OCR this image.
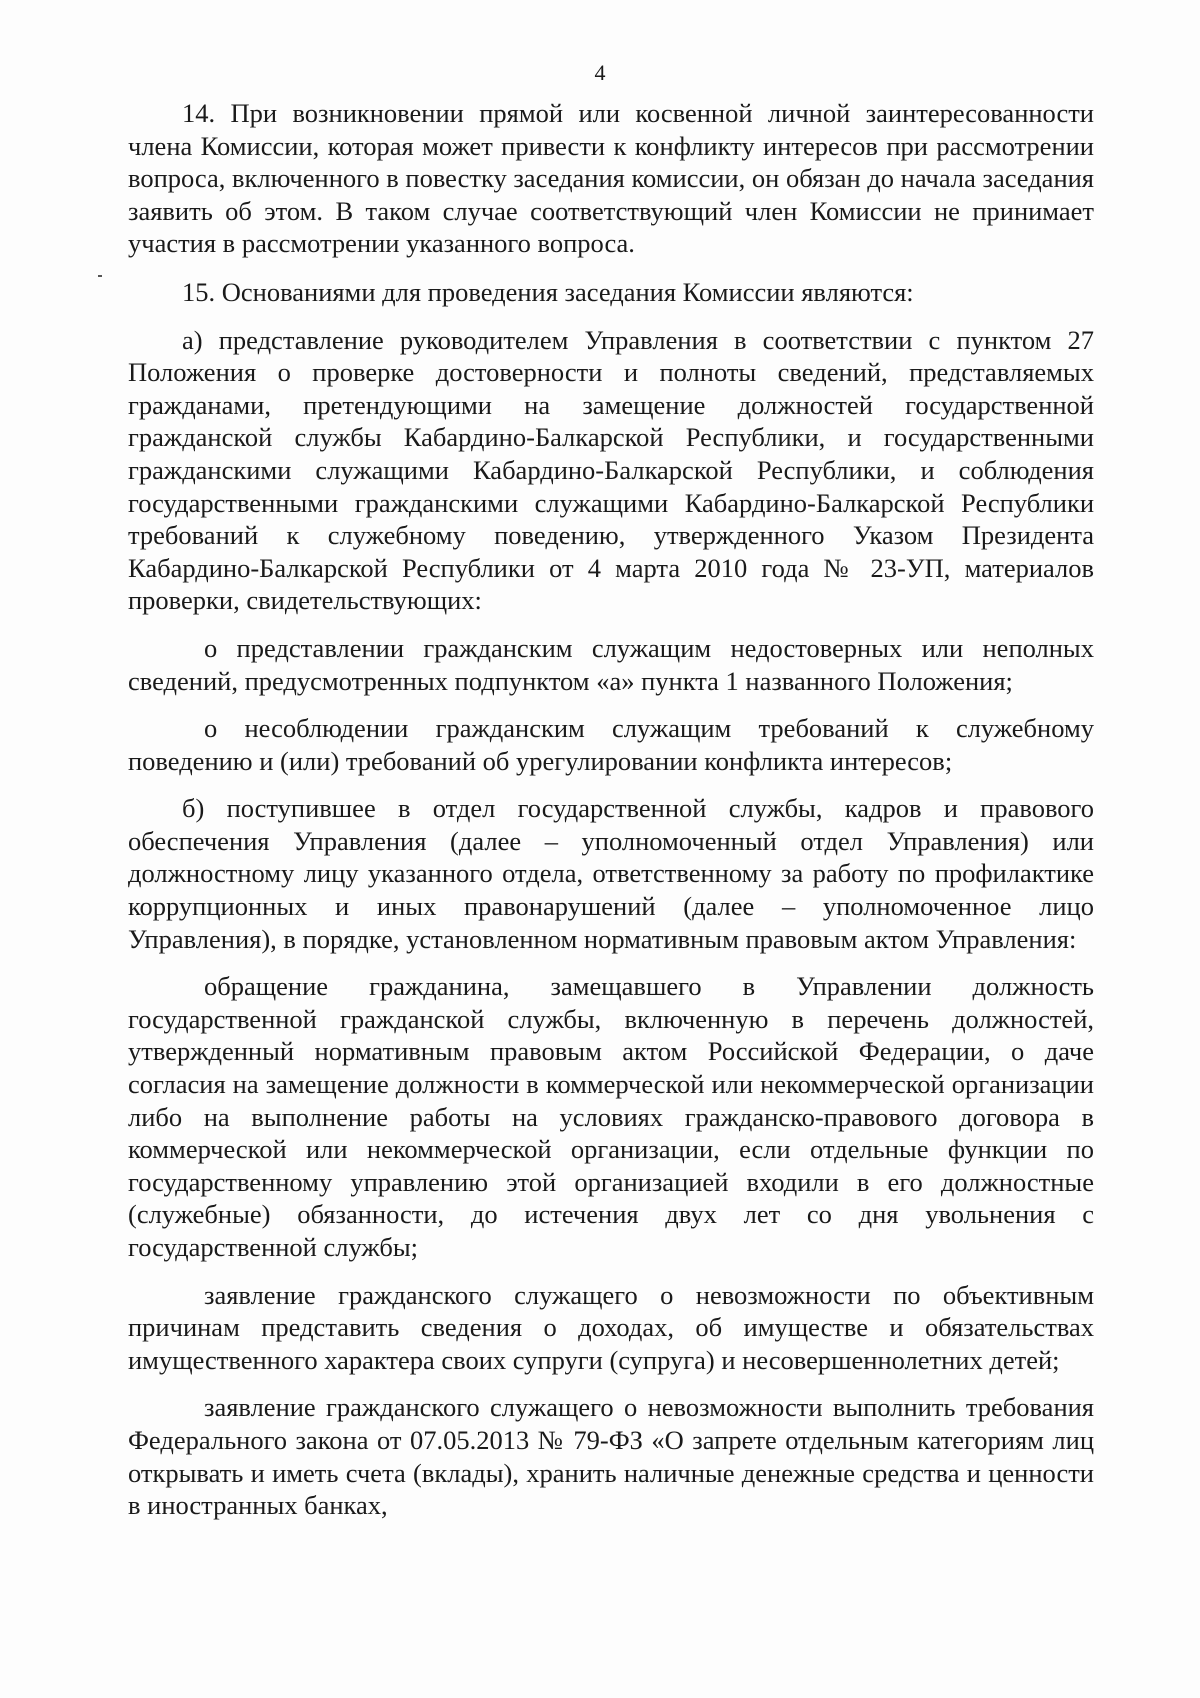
4

14. При возникновении прямой или косвенной личной заинтересованности члена Комиссии, которая может привести к конфликту интересов при рассмотрении вопроса, включенного в повестку заседания комиссии, он обязан до начала заседания заявить об этом. В таком случае соответствующий член Комиссии не принимает участия в рассмотрении указанного вопроса.

15. Основаниями для проведения заседания Комиссии являются:

а) представление руководителем Управления в соответствии с пунктом 27 Положения о проверке достоверности и полноты сведений, представляемых гражданами, претендующими на замещение должностей государственной гражданской службы Кабардино-Балкарской Республики, и государственными гражданскими служащими Кабардино-Балкарской Республики, и соблюдения государственными гражданскими служащими Кабардино-Балкарской Республики требований к служебному поведению, утвержденного Указом Президента Кабардино-Балкарской Республики от 4 марта 2010 года № 23-УП, материалов проверки, свидетельствующих:

о представлении гражданским служащим недостоверных или неполных сведений, предусмотренных подпунктом «а» пункта 1 названного Положения;

о несоблюдении гражданским служащим требований к служебному поведению и (или) требований об урегулировании конфликта интересов;

б) поступившее в отдел государственной службы, кадров и правового обеспечения Управления (далее – уполномоченный отдел Управления) или должностному лицу указанного отдела, ответственному за работу по профилактике коррупционных и иных правонарушений (далее – уполномоченное лицо Управления), в порядке, установленном нормативным правовым актом Управления:

обращение гражданина, замещавшего в Управлении должность государственной гражданской службы, включенную в перечень должностей, утвержденный нормативным правовым актом Российской Федерации, о даче согласия на замещение должности в коммерческой или некоммерческой организации либо на выполнение работы на условиях гражданско-правового договора в коммерческой или некоммерческой организации, если отдельные функции по государственному управлению этой организацией входили в его должностные (служебные) обязанности, до истечения двух лет со дня увольнения с государственной службы;

заявление гражданского служащего о невозможности по объективным причинам представить сведения о доходах, об имуществе и обязательствах имущественного характера своих супруги (супруга) и несовершеннолетних детей;

заявление гражданского служащего о невозможности выполнить требования Федерального закона от 07.05.2013 № 79-ФЗ «О запрете отдельным категориям лиц открывать и иметь счета (вклады), хранить наличные денежные средства и ценности в иностранных банках,
